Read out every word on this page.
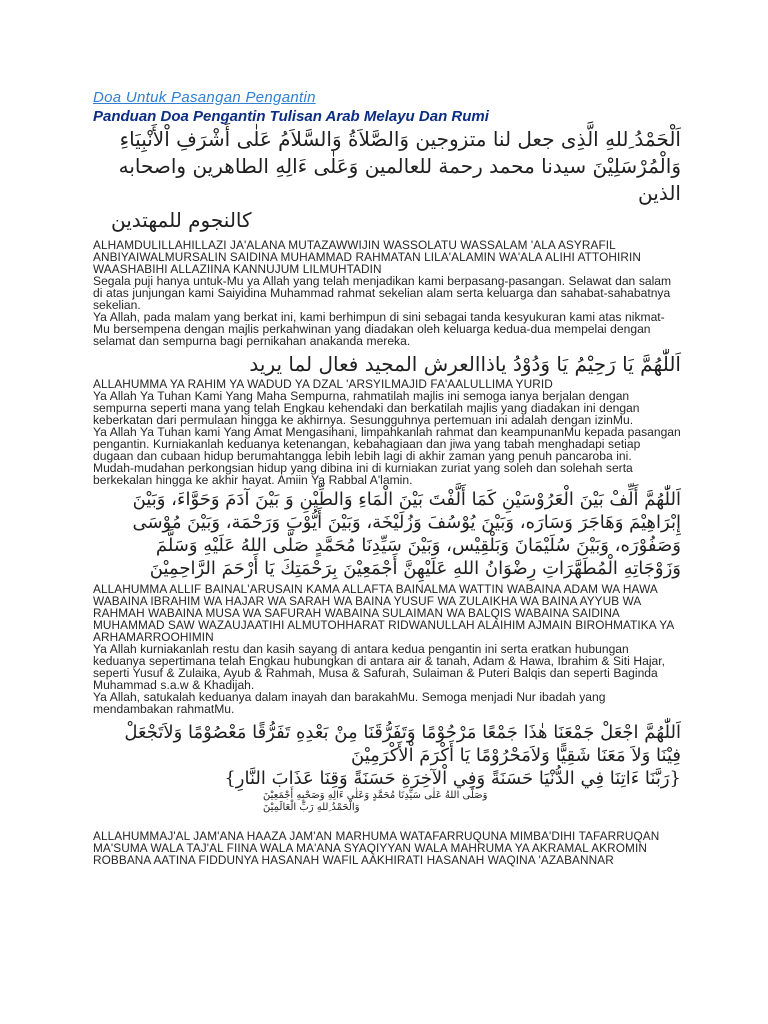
Doa Untuk Pasangan Pengantin

Panduan Doa Pengantin Tulisan Arab Melayu Dan Rumi

اَلْحَمْدُ ِللهِ الَّذِى جعل لنا متزوجين وَالصَّلاَةُ وَالسَّلاَمُ عَلٰى أَشْرَفِ اْلأَنْبِيَاءِ
وَالْمُرْسَلِيْنَ سيدنا محمد رحمة للعالمين وَعَلٰى ءَالِهِ الطاهرين واصحابه الذين
كالنجوم للمهتدين

ALHAMDULILLAHILLAZI JA'ALANA MUTAZAWWIJIN WASSOLATU WASSALAM 'ALA ASYRAFIL ANBIYAIWALMURSALIN SAIDINA MUHAMMAD RAHMATAN LILA'ALAMIN WA'ALA ALIHI ATTOHIRIN WAASHABIHI ALLAZIINA KANNUJUM LILMUHTADIN

Segala puji hanya untuk-Mu ya Allah yang telah menjadikan kami berpasang-pasangan. Selawat dan salam di atas junjungan kami Saiyidina Muhammad rahmat sekelian alam serta keluarga dan sahabat-sahabatnya sekelian.

Ya Allah, pada malam yang berkat ini, kami berhimpun di sini sebagai tanda kesyukuran kami atas nikmat-Mu bersempena dengan majlis perkahwinan yang diadakan oleh keluarga kedua-dua mempelai dengan selamat dan sempurna bagi pernikahan anakanda mereka.

اَللّٰهُمَّ يَا رَحِيْمُ يَا وَدُوْدُ ياذاالعرش المجيد فعال لما يريد

ALLAHUMMA YA RAHIM YA WADUD YA DZAL 'ARSYILMAJID FA'AALULLIMA YURID

Ya Allah Ya Tuhan Kami Yang Maha Sempurna, rahmatilah majlis ini semoga ianya berjalan dengan sempurna seperti mana yang telah Engkau kehendaki dan berkatilah majlis yang diadakan ini dengan keberkatan dari permulaan hingga ke akhirnya. Sesungguhnya pertemuan ini adalah dengan izinMu.

Ya Allah Ya Tuhan kami Yang Amat Mengasihani, limpahkanlah rahmat dan keampunanMu kepada pasangan pengantin. Kurniakanlah keduanya ketenangan, kebahagiaan dan jiwa yang tabah menghadapi setiap dugaan dan cubaan hidup berumahtangga lebih lebih lagi di akhir zaman yang penuh pancaroba ini.

Mudah-mudahan perkongsian hidup yang dibina ini di kurniakan zuriat yang soleh dan solehah serta berkekalan hingga ke akhir hayat. Amiin Ya Rabbal A'lamin.

اَللّٰهُمَّ أَلِّفْ بَيْنَ الْعَرُوْسَيْنِ كَمَا أَلَّفْتَ بَيْنَ الْمَاءِ وَالطِّيْنِ وَ بَيْنَ آدَمَ وَحَوَّاءَ، وَبَيْنَ
إِبْرَاهِيْمَ وَهَاجَرَ وَسَارَه، وَبَيْنَ يُوْسُفَ وَزُلَيْخَة، وَبَيْنَ أَيُّوْبَ وَرَحْمَة، وَبَيْنَ مُوْسَى
وَصَفُوْرَه، وَبَيْنَ سُلَيْمَانَ وَبَلْقِيْس، وَبَيْنَ سَيِّدِنَا مُحَمَّدٍ صَلَّى اللهُ عَلَيْهِ وَسَلَّمَ
وَزَوْجَاتِهِ الْمُطَهَّرَاتِ رِضْوَانُ اللهِ عَلَيْهِنَّ أَجْمَعِيْنَ بِرَحْمَتِكَ يَا أَرْحَمَ الرَّاحِمِيْنَ

ALLAHUMMA ALLIF BAINAL'ARUSAIN KAMA ALLAFTA BAINALMA WATTIN WABAINA ADAM WA HAWA WABAINA IBRAHIM WA HAJAR WA SARAH WA BAINA YUSUF WA ZULAIKHA WA BAINA AYYUB WA RAHMAH WABAINA MUSA WA SAFURAH WABAINA SULAIMAN WA BALQIS WABAINA SAIDINA MUHAMMAD SAW WAZAUJAATIHI ALMUTOHHARAT RIDWANULLAH ALAIHIM AJMAIN BIROHMATIKA YA ARHAMARROOHIMIN

Ya Allah kurniakanlah restu dan kasih sayang di antara kedua pengantin ini serta eratkan hubungan keduanya sepertimana telah Engkau hubungkan di antara air & tanah, Adam & Hawa, Ibrahim & Siti Hajar, seperti Yusuf & Zulaika, Ayub & Rahmah, Musa & Safurah, Sulaiman & Puteri Balqis dan seperti Baginda Muhammad s.a.w & Khadijah.

Ya Allah, satukalah keduanya dalam inayah dan barakahMu. Semoga menjadi Nur ibadah yang mendambakan rahmatMu.

اَللّٰهُمَّ اجْعَلْ جَمْعَنَا هٰذَا جَمْعًا مَرْحُوْمًا وَتَفَرُّقَنَا مِنْ بَعْدِهِ تَفَرُّقًا مَعْصُوْمًا وَلاَتَجْعَلْ
فِيْنَا وَلاَ مَعَنَا شَقِيًّا وَلاَمَحْرُوْمًا يَا أَكْرَمَ اْلأَكْرَمِيْنَ
{رَبَّنَا ءَاتِنَا فِي الدُّنْيَا حَسَنَةً وَفِي اْلآخِرَةِ حَسَنَةً وَقِنَا عَذَابَ النَّارِ}
وَصَلَّى اللهُ عَلٰى سَيِّدِنَا مُحَمَّدٍ وَعَلٰى ءَالِهِ وَصَحْبِهِ أَجْمَعِيْنَ
وَالْحَمْدُ ِللهِ رَبِّ الْعَالَمِيْنَ

ALLAHUMMAJ'AL JAM'ANA HAAZA JAM'AN MARHUMA WATAFARRUQUNA MIMBA'DIHI TAFARRUQAN MA'SUMA WALA TAJ'AL FIINA WALA MA'ANA SYAQIYYAN WALA MAHRUMA YA AKRAMAL AKROMIN

ROBBANA AATINA FIDDUNYA HASANAH WAFIL AAKHIRATI HASANAH WAQINA 'AZABANNAR
